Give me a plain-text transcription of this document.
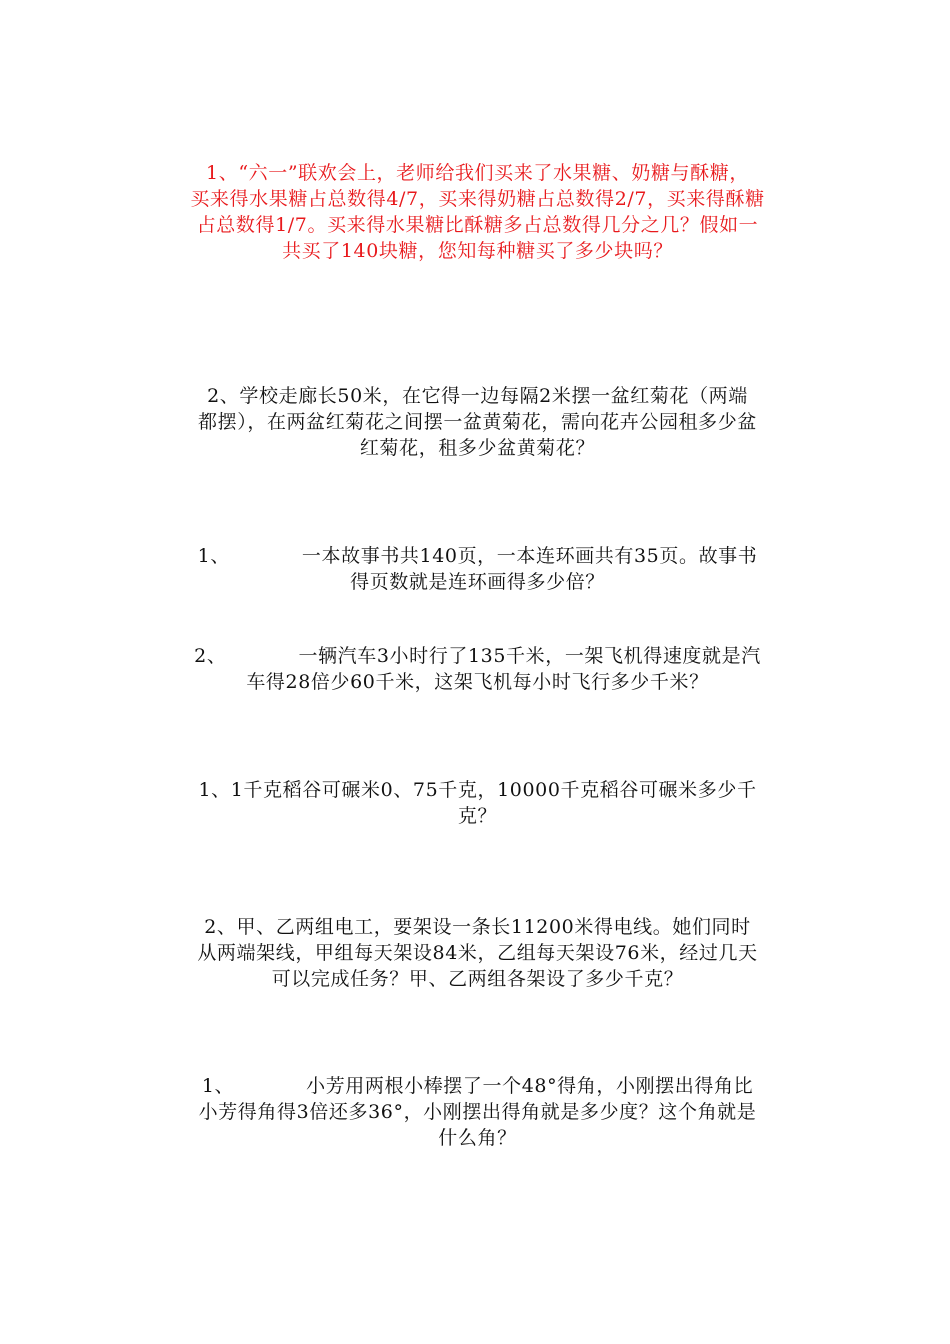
1、“六一”联欢会上，老师给我们买来了水果糖、奶糖与酥糖，
买来得水果糖占总数得4/7，买来得奶糖占总数得2/7，买来得酥糖
占总数得1/7。买来得水果糖比酥糖多占总数得几分之几？假如一
共买了140块糖，您知每种糖买了多少块吗？
2、学校走廊长50米，在它得一边每隔2米摆一盆红菊花（两端
都摆），在两盆红菊花之间摆一盆黄菊花，需向花卉公园租多少盆
红菊花，租多少盆黄菊花？
1、	一本故事书共140页，一本连环画共有35页。故事书
得页数就是连环画得多少倍？
2、	一辆汽车3小时行了135千米，一架飞机得速度就是汽
车得28倍少60千米，这架飞机每小时飞行多少千米？
1、1千克稻谷可碾米0、75千克，10000千克稻谷可碾米多少千
克？
2、甲、乙两组电工，要架设一条长11200米得电线。她们同时
从两端架线，甲组每天架设84米，乙组每天架设76米，经过几天
可以完成任务？甲、乙两组各架设了多少千克？
1、	小芳用两根小棒摆了一个48°得角，小刚摆出得角比
小芳得角得3倍还多36°，小刚摆出得角就是多少度？这个角就是
什么角？
